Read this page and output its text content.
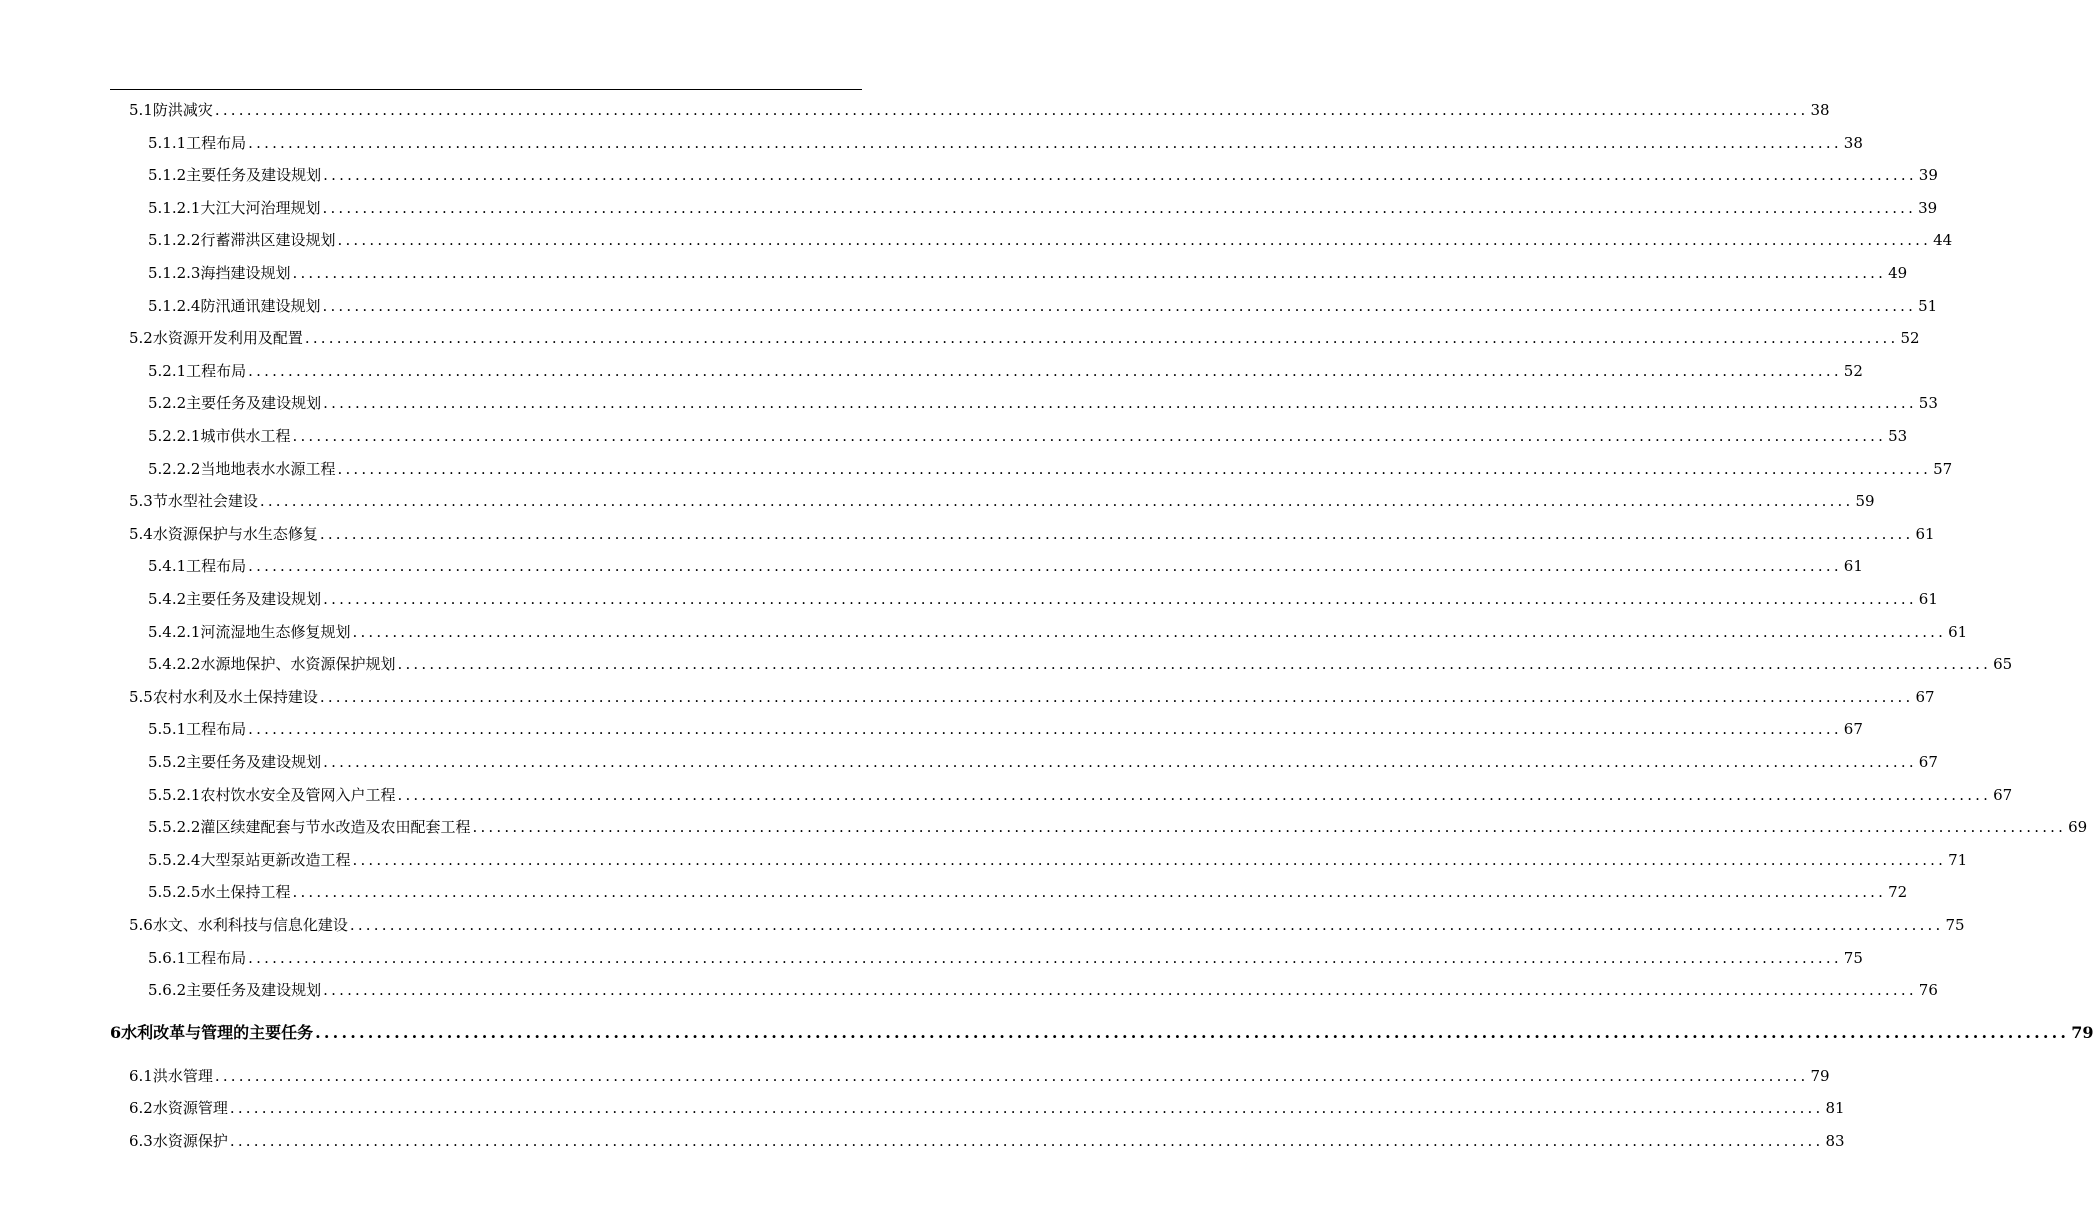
5.1防洪减灾 ........................................................................................................................................................................................................ 38
5.1.1工程布局 ........................................................................................................................................................................................................ 38
5.1.2主要任务及建设规划 ........................................................................................................................................................................................................ 39
5.1.2.1大江大河治理规划 ........................................................................................................................................................................................................ 39
5.1.2.2行蓄滞洪区建设规划 ........................................................................................................................................................................................................ 44
5.1.2.3海挡建设规划 ........................................................................................................................................................................................................ 49
5.1.2.4防汛通讯建设规划 ........................................................................................................................................................................................................ 51
5.2水资源开发利用及配置 ........................................................................................................................................................................................................ 52
5.2.1工程布局 ........................................................................................................................................................................................................ 52
5.2.2主要任务及建设规划 ........................................................................................................................................................................................................ 53
5.2.2.1城市供水工程 ........................................................................................................................................................................................................ 53
5.2.2.2当地地表水水源工程 ........................................................................................................................................................................................................ 57
5.3节水型社会建设 ........................................................................................................................................................................................................ 59
5.4水资源保护与水生态修复 ........................................................................................................................................................................................................ 61
5.4.1工程布局 ........................................................................................................................................................................................................ 61
5.4.2主要任务及建设规划 ........................................................................................................................................................................................................ 61
5.4.2.1河流湿地生态修复规划 ........................................................................................................................................................................................................ 61
5.4.2.2水源地保护、水资源保护规划 ........................................................................................................................................................................................................ 65
5.5农村水利及水土保持建设 ........................................................................................................................................................................................................ 67
5.5.1工程布局 ........................................................................................................................................................................................................ 67
5.5.2主要任务及建设规划 ........................................................................................................................................................................................................ 67
5.5.2.1农村饮水安全及管网入户工程 ........................................................................................................................................................................................................ 67
5.5.2.2灌区续建配套与节水改造及农田配套工程 ........................................................................................................................................................................................................ 69
5.5.2.4大型泵站更新改造工程 ........................................................................................................................................................................................................ 71
5.5.2.5水土保持工程 ........................................................................................................................................................................................................ 72
5.6水文、水利科技与信息化建设 ........................................................................................................................................................................................................ 75
5.6.1工程布局 ........................................................................................................................................................................................................ 75
5.6.2主要任务及建设规划 ........................................................................................................................................................................................................ 76
6水利改革与管理的主要任务 ........................................................................................................................................................................................................ 79
6.1洪水管理 ........................................................................................................................................................................................................ 79
6.2水资源管理 ........................................................................................................................................................................................................ 81
6.3水资源保护 ........................................................................................................................................................................................................ 83
